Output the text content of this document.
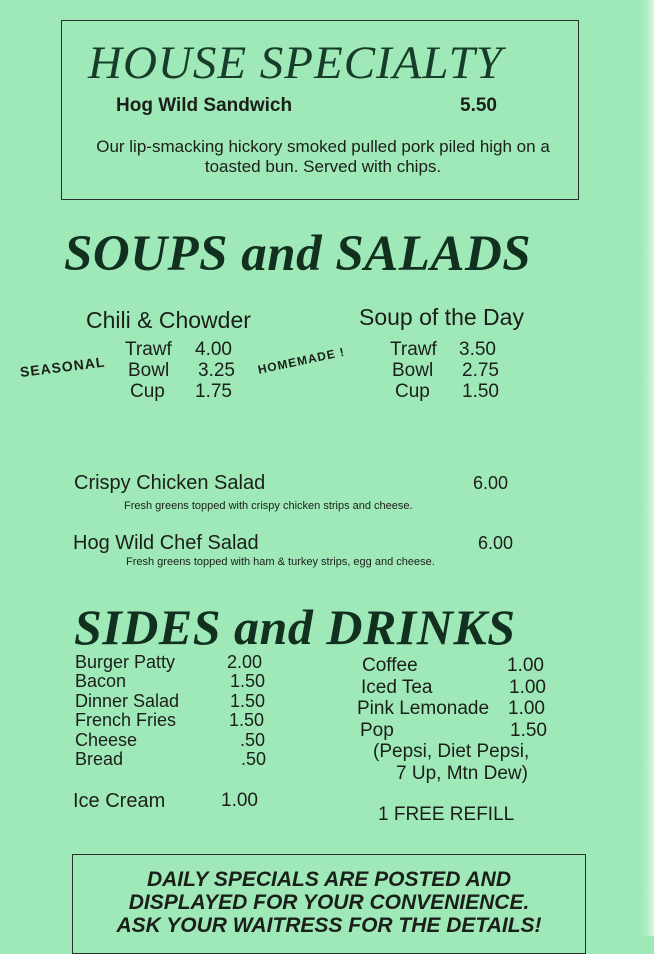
HOUSE SPECIALTY
Hog Wild Sandwich	5.50
Our lip-smacking hickory smoked pulled pork piled high on a toasted bun. Served with chips.
SOUPS and SALADS
Chili & Chowder
Trawf 4.00
Bowl 3.25
Cup 1.75
SEASONAL	HOMEMADE !
Soup of the Day
Trawf 3.50
Bowl 2.75
Cup 1.50
Crispy Chicken Salad	6.00
Fresh greens topped with crispy chicken strips and cheese.
Hog Wild Chef Salad	6.00
Fresh greens topped with ham & turkey strips, egg and cheese.
SIDES and DRINKS
Burger Patty	2.00
Bacon	1.50
Dinner Salad	1.50
French Fries	1.50
Cheese	.50
Bread	.50
Ice Cream	1.00
Coffee	1.00
Iced Tea	1.00
Pink Lemonade 1.00
Pop	1.50
(Pepsi, Diet Pepsi,
7 Up, Mtn Dew)
1 FREE REFILL
DAILY SPECIALS ARE POSTED AND
DISPLAYED FOR YOUR CONVENIENCE.
ASK YOUR WAITRESS FOR THE DETAILS!
